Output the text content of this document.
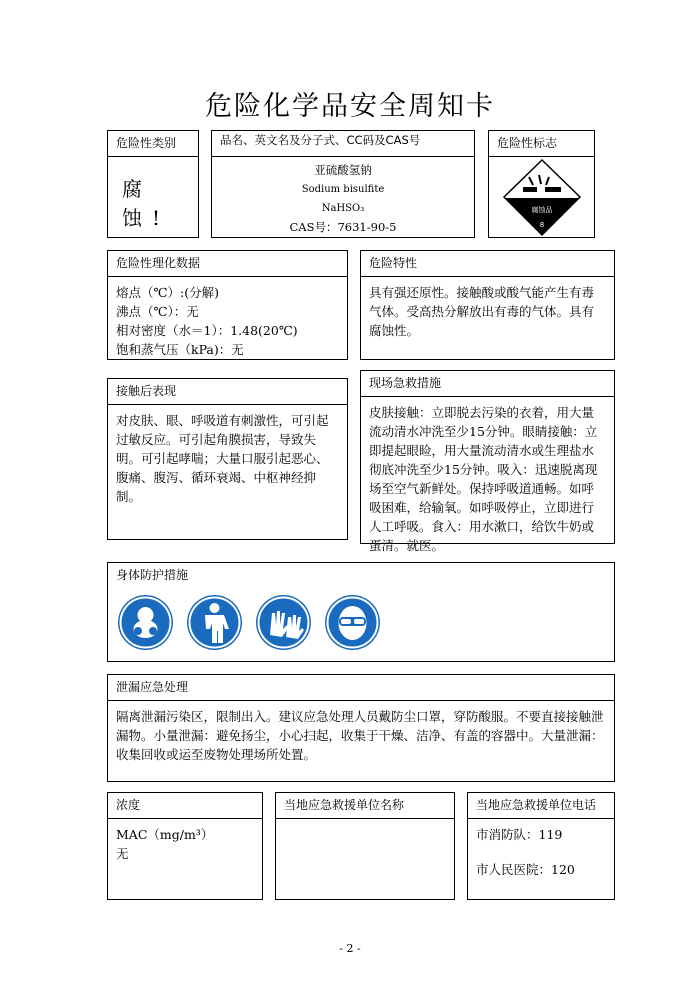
危险化学品安全周知卡
危险性类别
腐 蚀!
品名、英文名及分子式、CC码及CAS号
亚硫酸氢钠
Sodium bisulfite
NaHSO₃
CAS号：7631-90-5
危险性标志
腐蚀品
8
危险性理化数据
熔点（℃）:(分解)
沸点（℃）：无
相对密度（水＝1）：1.48(20℃)
饱和蒸气压（kPa)：无
危险特性
具有强还原性。接触酸或酸气能产生有毒气体。受高热分解放出有毒的气体。具有腐蚀性。
接触后表现
对皮肤、眼、呼吸道有刺激性，可引起过敏反应。可引起角膜损害，导致失明。可引起哮喘；大量口服引起恶心、腹痛、腹泻、循环衰竭、中枢神经抑制。
现场急救措施
皮肤接触：立即脱去污染的衣着，用大量流动清水冲洗至少15分钟。眼睛接触：立即提起眼睑，用大量流动清水或生理盐水彻底冲洗至少15分钟。吸入：迅速脱离现场至空气新鲜处。保持呼吸道通畅。如呼吸困难，给输氧。如呼吸停止，立即进行人工呼吸。食入：用水漱口，给饮牛奶或蛋清。就医。
身体防护措施
泄漏应急处理
隔离泄漏污染区，限制出入。建议应急处理人员戴防尘口罩，穿防酸服。不要直接接触泄漏物。小量泄漏：避免扬尘，小心扫起，收集于干燥、洁净、有盖的容器中。大量泄漏：收集回收或运至废物处理场所处置。
浓度
MAC（mg/m³）
无
当地应急救援单位名称	当地应急救援单位电话
市消防队：119
市人民医院：120
- 2 -
